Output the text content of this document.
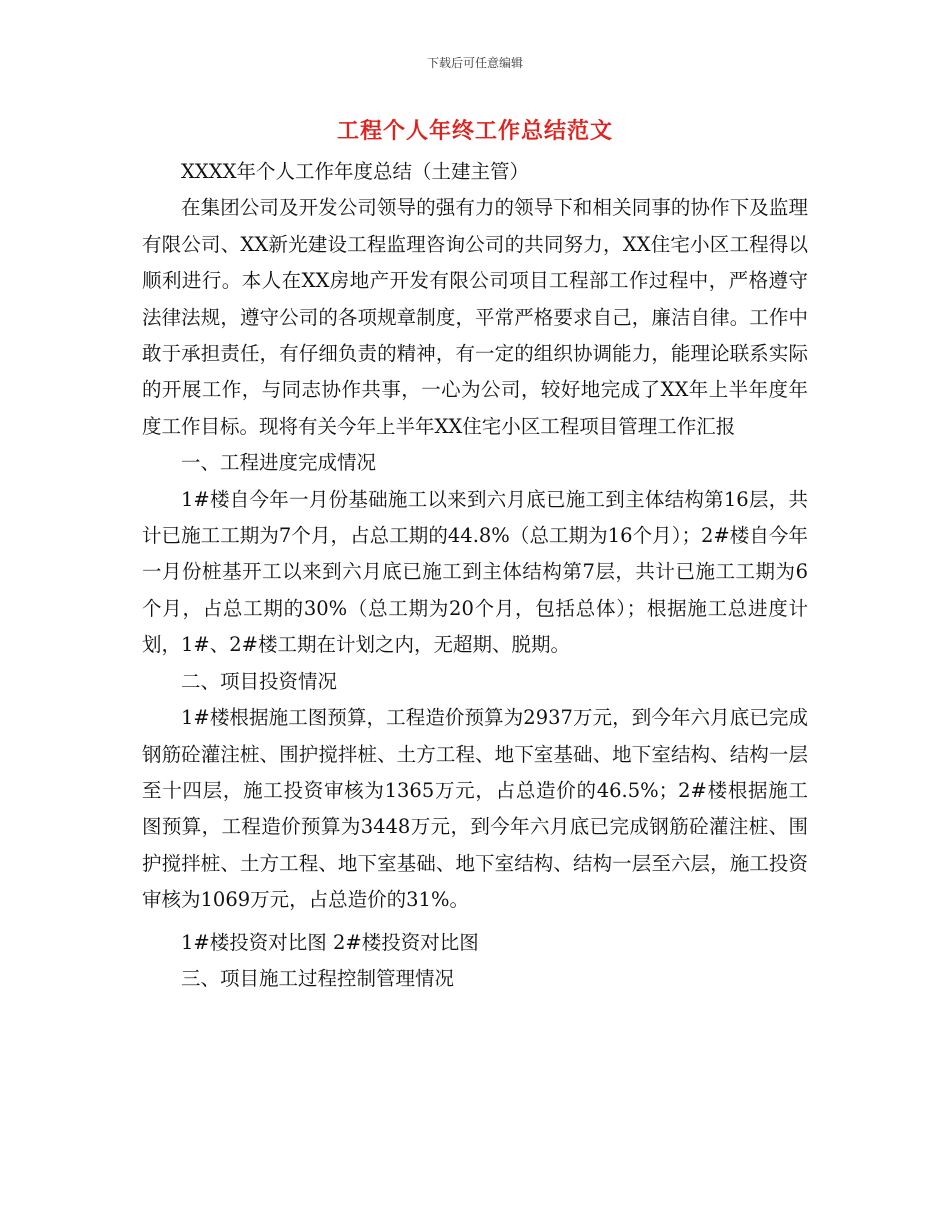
下载后可任意编辑
工程个人年终工作总结范文

XXXX年个人工作年度总结（土建主管）

在集团公司及开发公司领导的强有力的领导下和相关同事的协作下及监理有限公司、XX新光建设工程监理咨询公司的共同努力，XX住宅小区工程得以顺利进行。本人在XX房地产开发有限公司项目工程部工作过程中，严格遵守法律法规，遵守公司的各项规章制度，平常严格要求自己，廉洁自律。工作中敢于承担责任，有仔细负责的精神，有一定的组织协调能力，能理论联系实际的开展工作，与同志协作共事，一心为公司，较好地完成了XX年上半年度年度工作目标。现将有关今年上半年XX住宅小区工程项目管理工作汇报

一、工程进度完成情况

1#楼自今年一月份基础施工以来到六月底已施工到主体结构第16层，共计已施工工期为7个月，占总工期的44.8%（总工期为16个月）；2#楼自今年一月份桩基开工以来到六月底已施工到主体结构第7层，共计已施工工期为6个月，占总工期的30%（总工期为20个月，包括总体）；根据施工总进度计划，1#、2#楼工期在计划之内，无超期、脱期。

二、项目投资情况

1#楼根据施工图预算，工程造价预算为2937万元，到今年六月底已完成钢筋砼灌注桩、围护搅拌桩、土方工程、地下室基础、地下室结构、结构一层至十四层，施工投资审核为1365万元，占总造价的46.5%；2#楼根据施工图预算，工程造价预算为3448万元，到今年六月底已完成钢筋砼灌注桩、围护搅拌桩、土方工程、地下室基础、地下室结构、结构一层至六层，施工投资审核为1069万元，占总造价的31%。

1#楼投资对比图 2#楼投资对比图

三、项目施工过程控制管理情况
